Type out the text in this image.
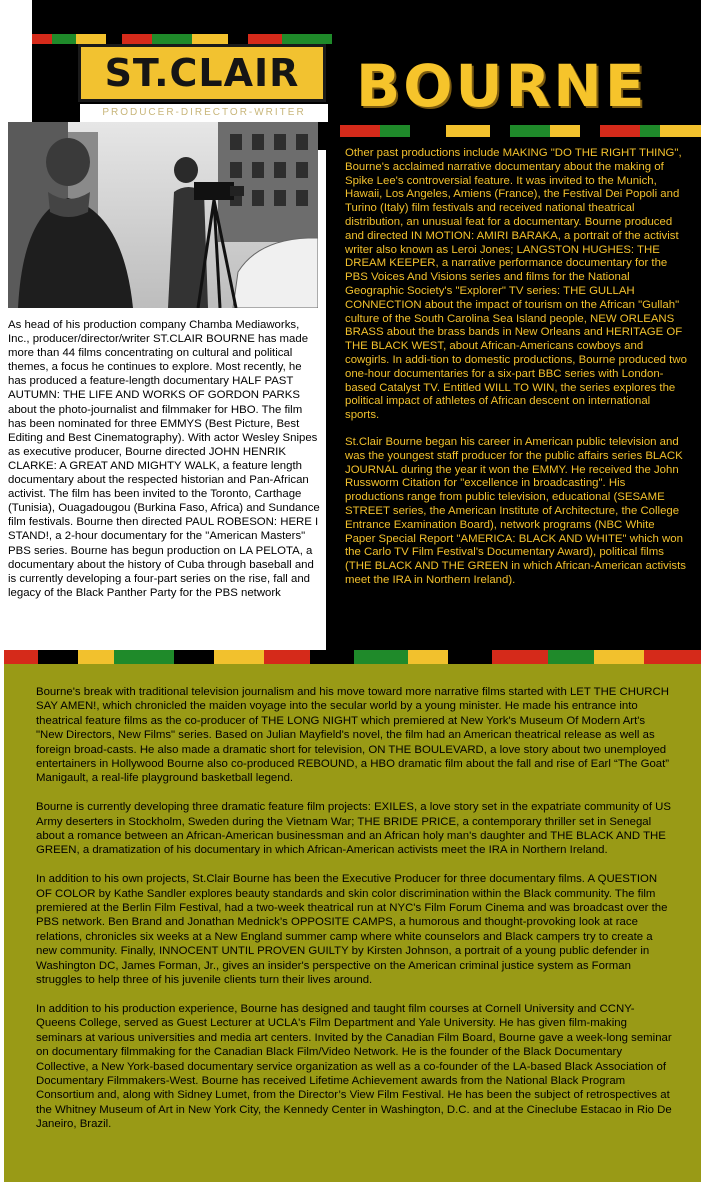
ST.CLAIR
PRODUCER-DIRECTOR-WRITER BOURNE
As head of his production company Chamba Mediaworks, Inc., producer/director/writer ST.CLAIR BOURNE has made more than 44 films concentrating on cultural and political themes, a focus he continues to explore. Most recently, he has produced a feature-length documentary HALF PAST AUTUMN: THE LIFE AND WORKS OF GORDON PARKS about the photo-journalist and filmmaker for HBO. The film has been nominated for three EMMYS (Best Picture, Best Editing and Best Cinematography). With actor Wesley Snipes as executive producer, Bourne directed JOHN HENRIK CLARKE: A GREAT AND MIGHTY WALK, a feature length documentary about the respected historian and Pan-African activist. The film has been invited to the Toronto, Carthage (Tunisia), Ouagadougou (Burkina Faso, Africa) and Sundance film festivals. Bourne then directed PAUL ROBESON: HERE I STAND!, a 2-hour documentary for the "American Masters" PBS series. Bourne has begun production on LA PELOTA, a documentary about the history of Cuba through baseball and is currently developing a four-part series on the rise, fall and legacy of the Black Panther Party for the PBS network

Other past productions include MAKING "DO THE RIGHT THING", Bourne's acclaimed narrative documentary about the making of Spike Lee's controversial feature. It was invited to the Munich, Hawaii, Los Angeles, Amiens (France), the Festival Dei Popoli and Turino (Italy) film festivals and received national theatrical distribution, an unusual feat for a documentary. Bourne produced and directed IN MOTION: AMIRI BARAKA, a portrait of the activist writer also known as Leroi Jones; LANGSTON HUGHES: THE DREAM KEEPER, a narrative performance documentary for the PBS Voices And Visions series and films for the National Geographic Society's "Explorer" TV series: THE GULLAH CONNECTION about the impact of tourism on the African "Gullah" culture of the South Carolina Sea Island people, NEW ORLEANS BRASS about the brass bands in New Orleans and HERITAGE OF THE BLACK WEST, about African-Americans cowboys and cowgirls. In addi-tion to domestic productions, Bourne produced two one-hour documentaries for a six-part BBC series with London-based Catalyst TV. Entitled WILL TO WIN, the series explores the political impact of athletes of African descent on international sports.

St.Clair Bourne began his career in American public television and was the youngest staff producer for the public affairs series BLACK JOURNAL during the year it won the EMMY. He received the John Russworm Citation for "excellence in broadcasting". His productions range from public television, educational (SESAME STREET series, the American Institute of Architecture, the College Entrance Examination Board), network programs (NBC White Paper Special Report "AMERICA: BLACK AND WHITE" which won the Carlo TV Film Festival's Documentary Award), political films (THE BLACK AND THE GREEN in which African-American activists meet the IRA in Northern Ireland).

Bourne's break with traditional television journalism and his move toward more narrative films started with LET THE CHURCH SAY AMEN!, which chronicled the maiden voyage into the secular world by a young minister. He made his entrance into theatrical feature films as the co-producer of THE LONG NIGHT which premiered at New York's Museum Of Modern Art's "New Directors, New Films" series. Based on Julian Mayfield's novel, the film had an American theatrical release as well as foreign broad-casts. He also made a dramatic short for television, ON THE BOULEVARD, a love story about two unemployed entertainers in Hollywood Bourne also co-produced REBOUND, a HBO dramatic film about the fall and rise of Earl “The Goat” Manigault, a real-life playground basketball legend.

Bourne is currently developing three dramatic feature film projects: EXILES, a love story set in the expatriate community of US Army deserters in Stockholm, Sweden during the Vietnam War; THE BRIDE PRICE, a contemporary thriller set in Senegal about a romance between an African-American businessman and an African holy man's daughter and THE BLACK AND THE GREEN, a dramatization of his documentary in which African-American activists meet the IRA in Northern Ireland.

In addition to his own projects, St.Clair Bourne has been the Executive Producer for three documentary films. A QUESTION OF COLOR by Kathe Sandler explores beauty standards and skin color discrimination within the Black community. The film premiered at the Berlin Film Festival, had a two-week theatrical run at NYC's Film Forum Cinema and was broadcast over the PBS network. Ben Brand and Jonathan Mednick’s OPPOSITE CAMPS, a humorous and thought-provoking look at race relations, chronicles six weeks at a New England summer camp where white counselors and Black campers try to create a new community. Finally, INNOCENT UNTIL PROVEN GUILTY by Kirsten Johnson, a portrait of a young public defender in Washington DC, James Forman, Jr., gives an insider's perspective on the American criminal justice system as Forman struggles to help three of his juvenile clients turn their lives around.

In addition to his production experience, Bourne has designed and taught film courses at Cornell University and CCNY-Queens College, served as Guest Lecturer at UCLA's Film Department and Yale University. He has given film-making seminars at various universities and media art centers. Invited by the Canadian Film Board, Bourne gave a week-long seminar on documentary filmmaking for the Canadian Black Film/Video Network. He is the founder of the Black Documentary Collective, a New York-based documentary service organization as well as a co-founder of the LA-based Black Association of Documentary Filmmakers-West. Bourne has received Lifetime Achievement awards from the National Black Program Consortium and, along with Sidney Lumet, from the Director’s View Film Festival. He has been the subject of retrospectives at the Whitney Museum of Art in New York City, the Kennedy Center in Washington, D.C. and at the Cineclube Estacao in Rio De Janeiro, Brazil.
